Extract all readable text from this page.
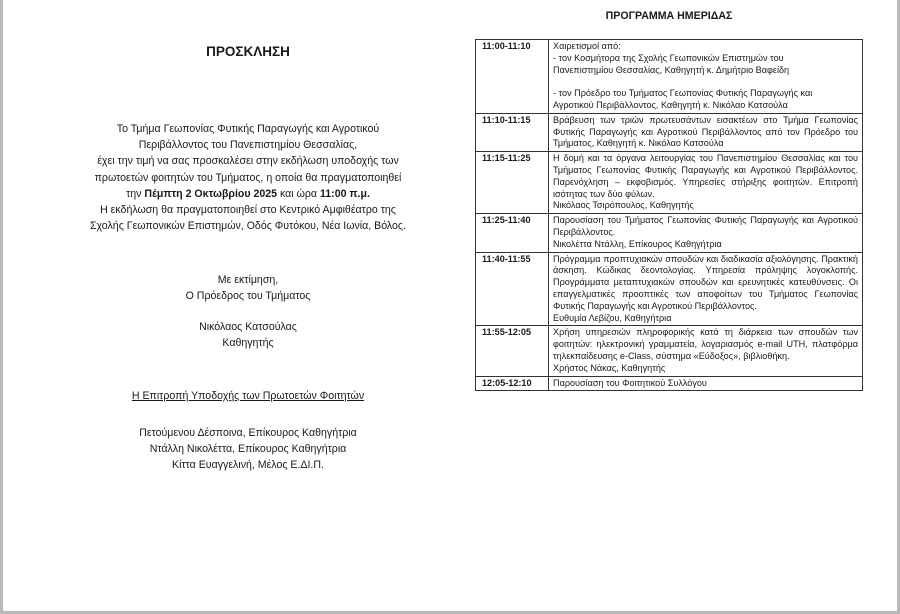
ΠΡΟΣΚΛΗΣΗ
Το Τμήμα Γεωπονίας Φυτικής Παραγωγής και Αγροτικού
Περιβάλλοντος του Πανεπιστημίου Θεσσαλίας,
έχει την τιμή να σας προσκαλέσει στην εκδήλωση υποδοχής των
πρωτοετών φοιτητών του Τμήματος, η οποία θα πραγματοποιηθεί
την Πέμπτη 2 Οκτωβρίου 2025 και ώρα 11:00 π.μ.
Η εκδήλωση θα πραγματοποιηθεί στο Κεντρικό Αμφιθέατρο της
Σχολής Γεωπονικών Επιστημών, Οδός Φυτόκου, Νέα Ιωνία, Βόλος.
Με εκτίμηση,
Ο Πρόεδρος του Τμήματος
Νικόλαος Κατσούλας
Καθηγητής
Η Επιτροπή Υποδοχής των Πρωτοετών Φοιτητών
Πετούμενου Δέσποινα, Επίκουρος Καθηγήτρια
Ντάλλη Νικολέττα, Επίκουρος Καθηγήτρια
Κίττα Ευαγγελινή, Μέλος Ε.ΔΙ.Π.
ΠΡΟΓΡΑΜΜΑ ΗΜΕΡΙΔΑΣ
11:00-11:10	Χαιρετισμοί από:
- τον Κοσμήτορα της Σχολής Γεωπονικών Επιστημών του
Πανεπιστημίου Θεσσαλίας, Καθηγητή κ. Δημήτριο Βαφείδη
- τον Πρόεδρο του Τμήματος Γεωπονίας Φυτικής Παραγωγής και
Αγροτικού Περιβάλλοντος, Καθηγητή κ. Νικόλαο Κατσούλα

11:10-11:15	Βράβευση των τριών πρωτευσάντων εισακτέων στο Τμήμα Γεωπονίας Φυτικής Παραγωγής και Αγροτικού Περιβάλλοντος από τον Πρόεδρο του Τμήματος, Καθηγητή κ. Νικόλαο Κατσούλα
11:15-11:25	Η δομή και τα όργανα λειτουργίας του Πανεπιστημίου Θεσσαλίας και του Τμήματος Γεωπονίας Φυτικής Παραγωγής και Αγροτικού Περιβάλλοντος. Παρενόχληση – εκφοβισμός. Υπηρεσίες στήριξης φοιτητών. Επιτροπή ισότητας των δύο φύλων.
Νικόλαος Τσιρόπουλος, Καθηγητής

11:25-11:40	Παρουσίαση του Τμήματος Γεωπονίας Φυτικής Παραγωγής και Αγροτικού Περιβάλλοντος.
Νικολέττα Ντάλλη, Επίκουρος Καθηγήτρια

11:40-11:55	Πρόγραμμα προπτυχιακών σπουδών και διαδικασία αξιολόγησης. Πρακτική άσκηση. Κώδικας δεοντολογίας. Υπηρεσία πρόληψης λογοκλοπής. Προγράμματα μεταπτυχιακών σπουδών και ερευνητικές κατευθύνσεις. Οι επαγγελματικές προοπτικές των αποφοίτων του Τμήματος Γεωπονίας Φυτικής Παραγωγής και Αγροτικού Περιβάλλοντος.
Ευθυμία Λεβίζου, Καθηγήτρια

11:55-12:05	Χρήση υπηρεσιών πληροφορικής κατά τη διάρκεια των σπουδών των φοιτητών: ηλεκτρονική γραμματεία, λογαριασμός e-mail UTH, πλατφόρμα τηλεκπαίδευσης e-Class, σύστημα «Εύδοξος», βιβλιοθήκη.
Χρήστος Νάκας, Καθηγητής

12:05-12:10	Παρουσίαση του Φοιτητικού Συλλόγου
